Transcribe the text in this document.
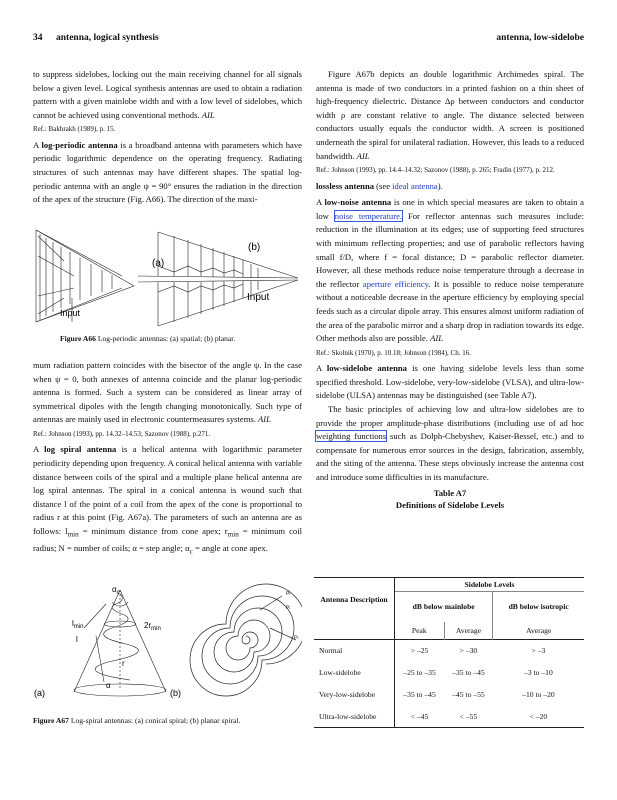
34 antenna, logical synthesis	antenna, low-sidelobe

to suppress sidelobes, locking out the main receiving channel for all signals below a given level. Logical synthesis antennas are used to obtain a radiation pattern with a given mainlobe width and with a low level of sidelobes, which cannot be achieved using conventional methods. AIL

Ref.: Bakhrakh (1989), p. 15.

A log-periodic antenna is a broadband antenna with parameters which have periodic logarithmic dependence on the operating frequency. Radiating structures of such antennas may have different shapes. The spatial log-periodic antenna with an angle ψ = 90° ensures the radiation in the direction of the apex of the structure (Fig. A66). The direction of the maxi-

(a)
(b)
Input
Input
Figure A66 Log-periodic antennas: (a) spatial; (b) planar.

mum radiation pattern coincides with the bisector of the angle ψ. In the case when ψ = 0, both annexes of antenna coincide and the planar log-periodic antenna is formed. Such a system can be considered as linear array of symmetrical dipoles with the length changing monotonically. Such type of antennas are mainly used in electronic countermeasures systems. AIL

Ref.: Johnson (1993), pp. 14.32–14.53; Sazonov (1988), p.271.

A log spiral antenna is a helical antenna with logarithmic parameter periodicity depending upon frequency. A conical helical antenna with variable distance between coils of the spiral and a multiple plane helical antenna are log spiral antennas. The spiral in a conical antenna is wound such that distance l of the point of a coil from the apex of the cone is proportional to radius r at this point (Fig. A67a). The parameters of such an antenna are as follows: $l_{min}$ = minimum distance from cone apex; $r_{min}$ = minimum coil radius; N = number of coils; α = step angle; $\alpha_c$ = angle at cone apex.

$\alpha_c$
$l_{min}$	$2r_{min}$
l
r
α
(a)	(b)
ρ₁
ρ₁
ρ₂
Figure A67 Log-spiral antennas: (a) conical spiral; (b) planar spiral.

Figure A67b depicts an double logarithmic Archimedes spiral. The antenna is made of two conductors in a printed fashion on a thin sheet of high-frequency dielectric. Distance Δρ between conductors and conductor width ρ are constant relative to angle. The distance selected between conductors usually equals the conductor width. A screen is positioned underneath the spiral for unilateral radiation. However, this leads to a reduced bandwidth. AIL

Ref.: Johnson (1993), pp. 14.4–14.32; Sazonov (1988), p. 265; Fradin (1977), p. 212.

lossless antenna (see ideal antenna).

A low-noise antenna is one in which special measures are taken to obtain a low noise temperature. For reflector antennas such measures include: reduction in the illumination at its edges; use of supporting feed structures with minimum reflecting properties; and use of parabolic reflectors having small f/D, where f = focal distance; D = parabolic reflector diameter. However, all these methods reduce noise temperature through a decrease in the reflector aperture efficiency. It is possible to reduce noise temperature without a noticeable decrease in the aperture efficiency by employing special feeds such as a circular dipole array. This ensures almost uniform radiation of the area of the parabolic mirror and a sharp drop in radiation towards its edge. Other methods also are possible. AIL

Ref.: Skolnik (1970), p. 10.18; Johnson (1984), Ch. 16.

A low-sidelobe antenna is one having sidelobe levels less than some specified threshold. Low-sidelobe, very-low-sidelobe (VLSA), and ultra-low-sidelobe (ULSA) antennas may be distinguished (see Table A7).

The basic principles of achieving low and ultra-low sidelobes are to provide the proper amplitude-phase distributions (including use of ad hoc weighting functions such as Dolph-Chebyshev, Kaiser-Bessel, etc.) and to compensate for numerous error sources in the design, fabrication, assembly, and the siting of the antenna. These steps obviously increase the antenna cost and introduce some difficulties in its manufacture.

Table A7
Definitions of Sidelobe Levels
Antenna Description	Sidelobe Levels		
	dB below mainlobe		dB below isotropic
	Peak	Average	Average
Normal	> –25	> –30	> –3
Low-sidelobe	–25 to –35	–35 to –45	–3 to –10
Very-low-sidelobe	–35 to –45	–45 to –55	–10 to –20
Ultra-low-sidelobe	< –45	< –55	< –20
